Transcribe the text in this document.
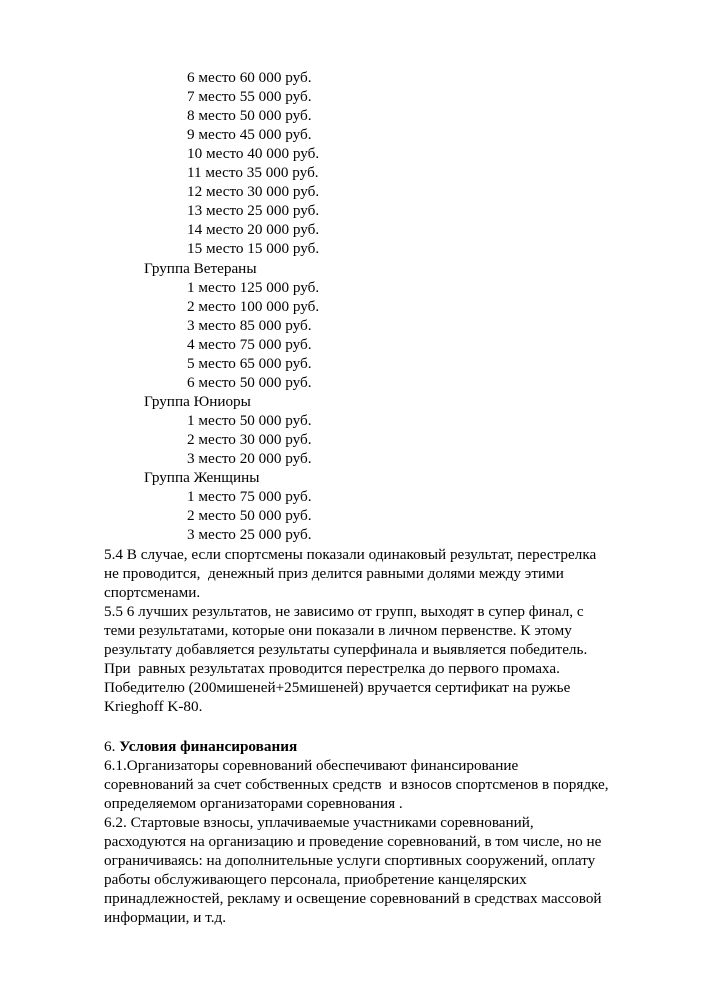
6 место 60 000 руб.
7 место 55 000 руб.
8 место 50 000 руб.
9 место 45 000 руб.
10 место 40 000 руб.
11 место 35 000 руб.
12 место 30 000 руб.
13 место 25 000 руб.
14 место 20 000 руб.
15 место 15 000 руб.
Группа Ветераны
1 место 125 000 руб.
2 место 100 000 руб.
3 место 85 000 руб.
4 место 75 000 руб.
5 место 65 000 руб.
6 место 50 000 руб.
Группа Юниоры
1 место 50 000 руб.
2 место 30 000 руб.
3 место 20 000 руб.
Группа Женщины
1 место 75 000 руб.
2 место 50 000 руб.
3 место 25 000 руб.
5.4 В случае, если спортсмены показали одинаковый результат, перестрелка
не проводится,  денежный приз делится равными долями между этими
спортсменами.
5.5 6 лучших результатов, не зависимо от групп, выходят в супер финал, с
теми результатами, которые они показали в личном первенстве. К этому
результату добавляется результаты суперфинала и выявляется победитель.
При  равных результатах проводится перестрелка до первого промаха.
Победителю (200мишеней+25мишеней) вручается сертификат на ружье
Krieghoff K-80.
6. Условия финансирования
6.1.Организаторы соревнований обеспечивают финансирование
соревнований за счет собственных средств  и взносов спортсменов в порядке,
определяемом организаторами соревнования .
6.2. Стартовые взносы, уплачиваемые участниками соревнований,
расходуются на организацию и проведение соревнований, в том числе, но не
ограничиваясь: на дополнительные услуги спортивных сооружений, оплату
работы обслуживающего персонала, приобретение канцелярских
принадлежностей, рекламу и освещение соревнований в средствах массовой
информации, и т.д.
